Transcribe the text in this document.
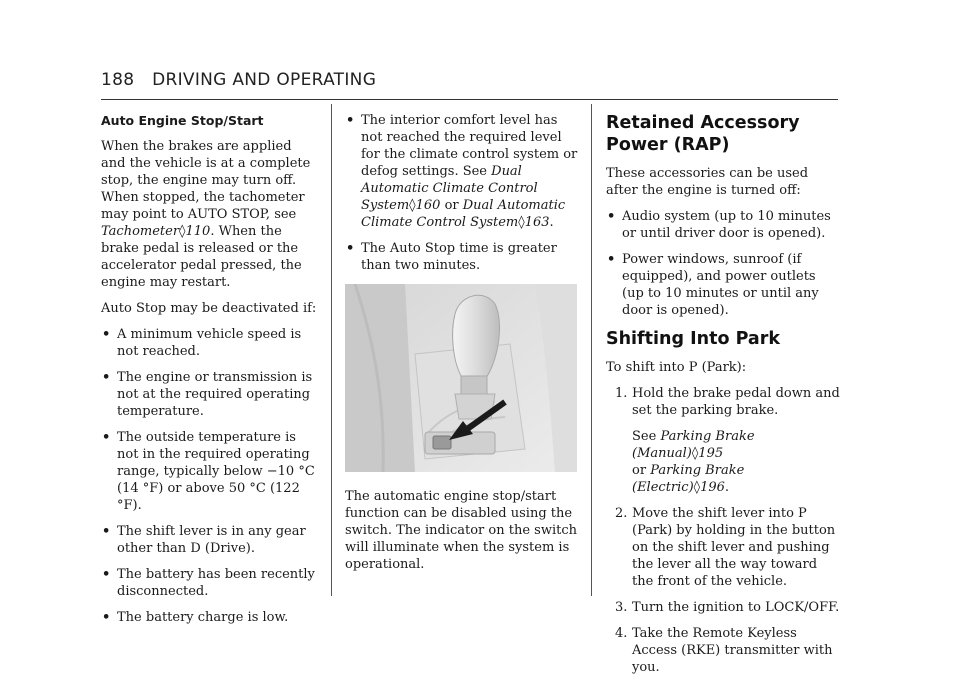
188 DRIVING AND OPERATING
Auto Engine Stop/Start

When the brakes are applied and the vehicle is at a complete stop, the engine may turn off. When stopped, the tachometer may point to AUTO STOP, see Tachometer◊110. When the brake pedal is released or the accelerator pedal pressed, the engine may restart.

Auto Stop may be deactivated if:

• A minimum vehicle speed is not reached.
• The engine or transmission is not at the required operating temperature.
• The outside temperature is not in the required operating range, typically below −10 °C (14 °F) or above 50 °C (122 °F).
• The shift lever is in any gear other than D (Drive).
• The battery has been recently disconnected.
• The battery charge is low.
• The interior comfort level has not reached the required level for the climate control system or defog settings. See Dual Automatic Climate Control System◊160 or Dual Automatic Climate Control System◊163.
• The Auto Stop time is greater than two minutes.

The automatic engine stop/start function can be disabled using the switch. The indicator on the switch will illuminate when the system is operational.

Retained Accessory Power (RAP)

These accessories can be used after the engine is turned off:

• Audio system (up to 10 minutes or until driver door is opened).
• Power windows, sunroof (if equipped), and power outlets (up to 10 minutes or until any door is opened).
Shifting Into Park

To shift into P (Park):

1. Hold the brake pedal down and set the parking brake.

See Parking Brake (Manual)◊195
or Parking Brake (Electric)◊196.

2. Move the shift lever into P (Park) by holding in the button on the shift lever and pushing the lever all the way toward the front of the vehicle.

3. Turn the ignition to LOCK/OFF.

4. Take the Remote Keyless Access (RKE) transmitter with you.
